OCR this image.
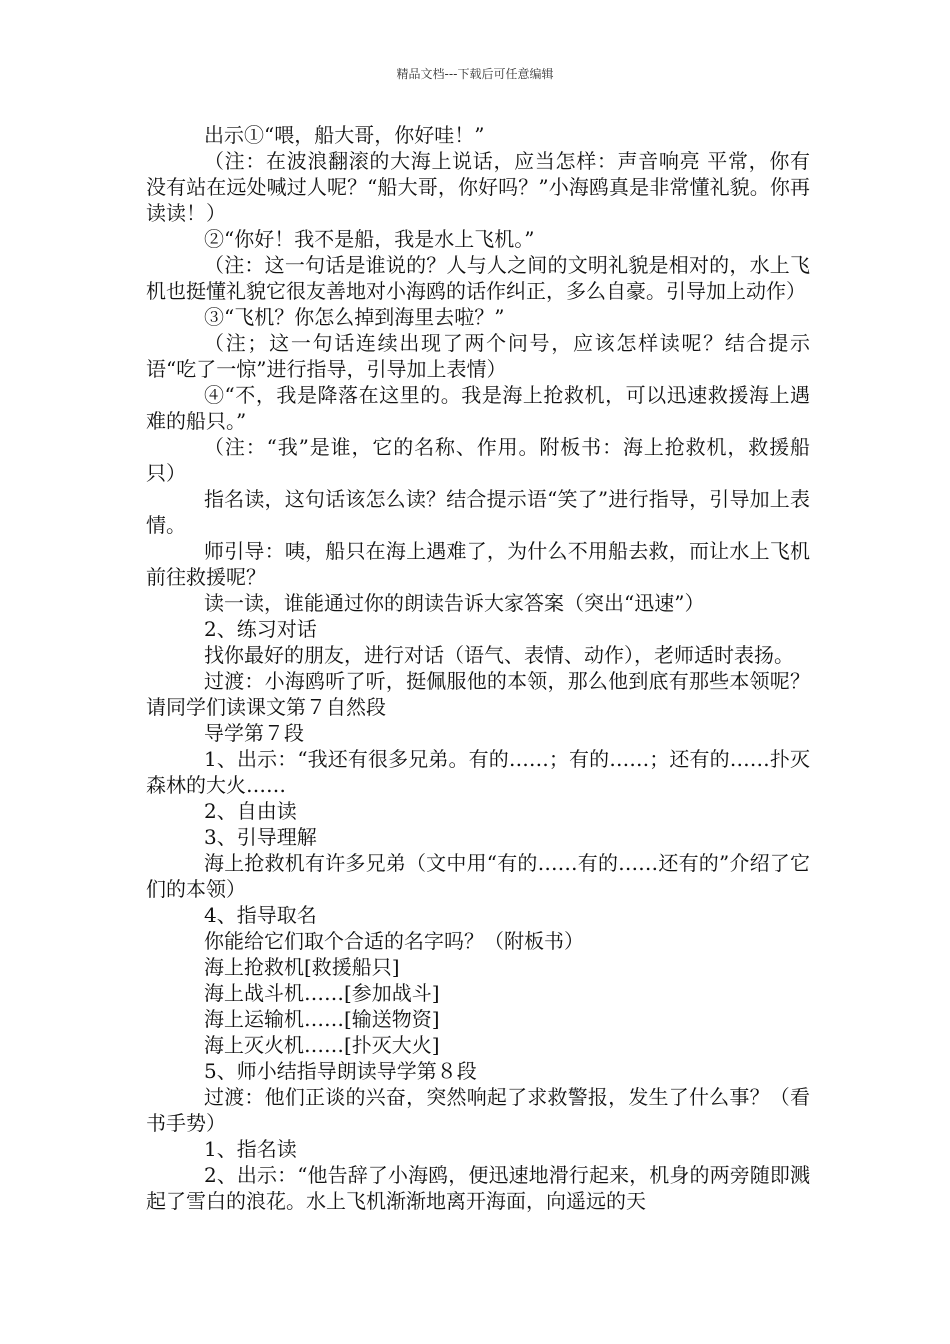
精品文档---下载后可任意编辑

出示①“喂，船大哥，你好哇！”

（注：在波浪翻滚的大海上说话，应当怎样：声音响亮 平常，你有没有站在远处喊过人呢？“船大哥，你好吗？”小海鸥真是非常懂礼貌。你再读读！）

②“你好！我不是船，我是水上飞机。”

（注：这一句话是谁说的？人与人之间的文明礼貌是相对的，水上飞机也挺懂礼貌它很友善地对小海鸥的话作纠正，多么自豪。引导加上动作）

③“飞机？你怎么掉到海里去啦？”

（注；这一句话连续出现了两个问号，应该怎样读呢？结合提示语“吃了一惊”进行指导，引导加上表情）

④“不，我是降落在这里的。我是海上抢救机，可以迅速救援海上遇难的船只。”

（注：“我”是谁，它的名称、作用。附板书：海上抢救机，救援船只）

指名读，这句话该怎么读？结合提示语“笑了”进行指导，引导加上表情。

师引导：咦，船只在海上遇难了，为什么不用船去救，而让水上飞机前往救援呢？

读一读，谁能通过你的朗读告诉大家答案（突出“迅速”）

2、练习对话

找你最好的朋友，进行对话（语气、表情、动作），老师适时表扬。

过渡：小海鸥听了听，挺佩服他的本领，那么他到底有那些本领呢？请同学们读课文第７自然段

导学第７段

1、出示：“我还有很多兄弟。有的……；有的……；还有的……扑灭森林的大火……

2、自由读

3、引导理解

海上抢救机有许多兄弟（文中用“有的……有的……还有的”介绍了它们的本领）

4、指导取名

你能给它们取个合适的名字吗？（附板书）

海上抢救机[救援船只]

海上战斗机……[参加战斗]

海上运输机……[输送物资]

海上灭火机……[扑灭大火]

5、师小结指导朗读导学第８段

过渡：他们正谈的兴奋，突然响起了求救警报，发生了什么事？（看书手势）

1、指名读

2、出示：“他告辞了小海鸥，便迅速地滑行起来，机身的两旁随即溅起了雪白的浪花。水上飞机渐渐地离开海面，向遥远的天
